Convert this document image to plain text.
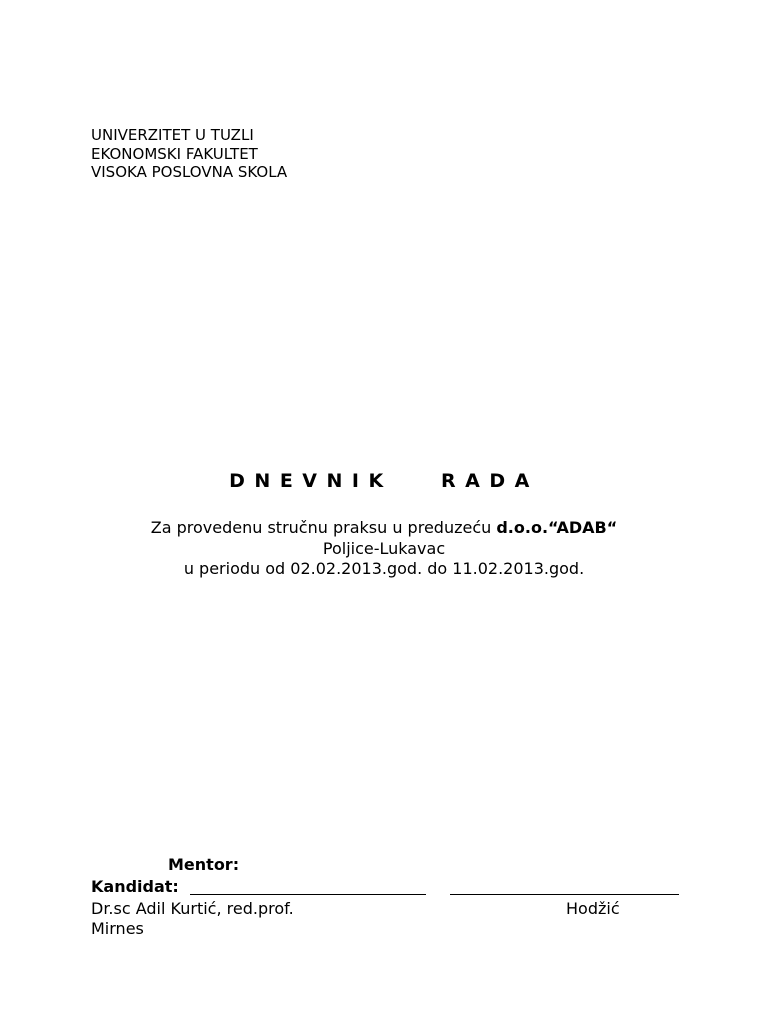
UNIVERZITET U TUZLI
EKONOMSKI FAKULTET
VISOKA POSLOVNA SKOLA
DNEVNIK   RADA
Za provedenu stručnu praksu u preduzeću d.o.o.“ADAB“
Poljice-Lukavac
u periodu od 02.02.2013.god. do 11.02.2013.god.
Mentor:
Kandidat:
Dr.sc Adil Kurtić, red.prof.	Hodžić
Mirnes
